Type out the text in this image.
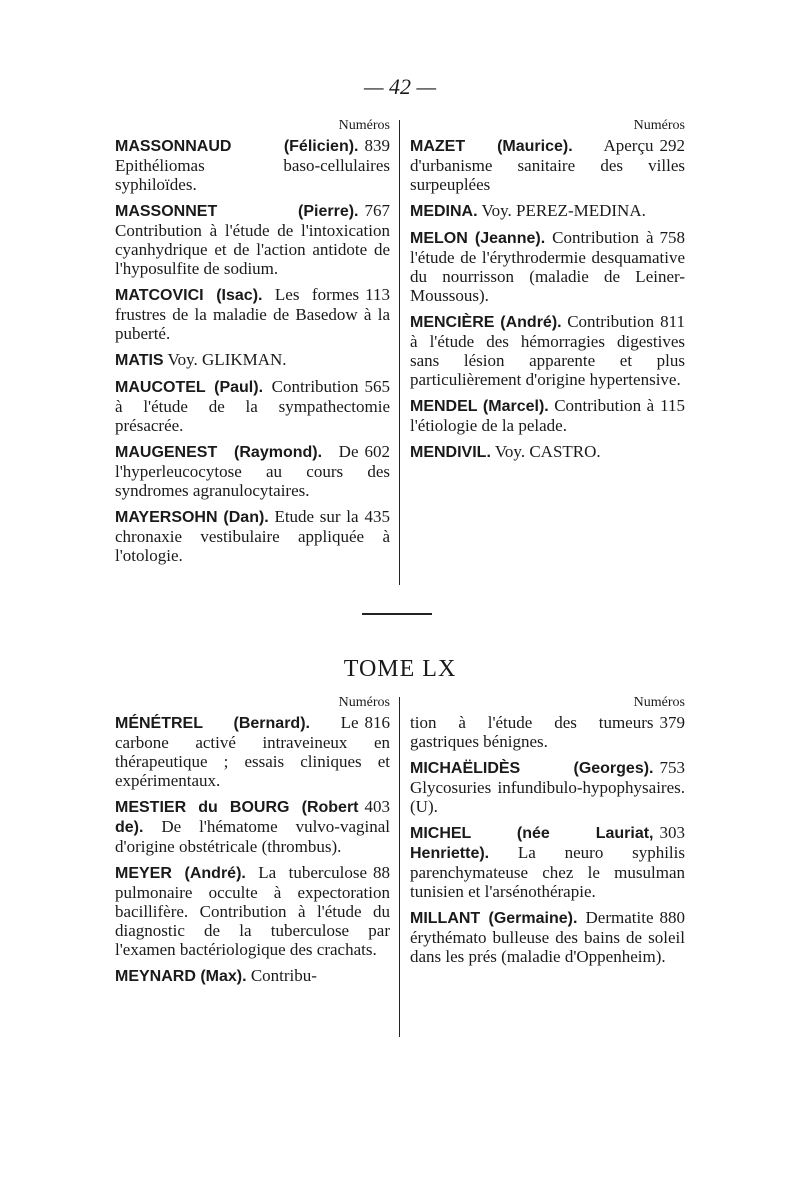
— 42 —
Numéros
839
MASSONNAUD (Félicien). Epithéliomas baso-cellulaires syphiloïdes.
767
MASSONNET (Pierre). Contribution à l'étude de l'intoxication cyanhydrique et de l'action antidote de l'hyposulfite de sodium.
113
MATCOVICI (Isac). Les formes frustres de la maladie de Basedow à la puberté.
MATIS Voy. GLIKMAN.
565
MAUCOTEL (Paul). Contribution à l'étude de la sympathectomie présacrée.
602
MAUGENEST (Raymond). De l'hyperleucocytose au cours des syndromes agranulocytaires.
435
MAYERSOHN (Dan). Etude sur la chronaxie vestibulaire appliquée à l'otologie.
Numéros
292
MAZET (Maurice). Aperçu d'urbanisme sanitaire des villes surpeuplées
MEDINA. Voy. PEREZ-MEDINA.
758
MELON (Jeanne). Contribution à l'étude de l'érythrodermie desquamative du nourrisson (maladie de Leiner-Moussous).
811
MENCIÈRE (André). Contribution à l'étude des hémorragies digestives sans lésion apparente et plus particulièrement d'origine hypertensive.
115
MENDEL (Marcel). Contribution à l'étiologie de la pelade.
MENDIVIL. Voy. CASTRO.
TOME LX
Numéros
816
MÉNÉTREL (Bernard). Le carbone activé intraveineux en thérapeutique ; essais cliniques et expérimentaux.
403
MESTIER du BOURG (Robert de). De l'hématome vulvo-vaginal d'origine obstétricale (thrombus).
88
MEYER (André). La tuberculose pulmonaire occulte à expectoration bacillifère. Contribution à l'étude du diagnostic de la tuberculose par l'examen bactériologique des crachats.
MEYNARD (Max). Contribu-
Numéros
379
tion à l'étude des tumeurs gastriques bénignes.
753
MICHAËLIDÈS (Georges). Glycosuries infundibulo-hypophysaires. (U).
303
MICHEL (née Lauriat, Henriette). La neuro syphilis parenchymateuse chez le musulman tunisien et l'arsénothérapie.
880
MILLANT (Germaine). Dermatite érythémato bulleuse des bains de soleil dans les prés (maladie d'Oppenheim).
